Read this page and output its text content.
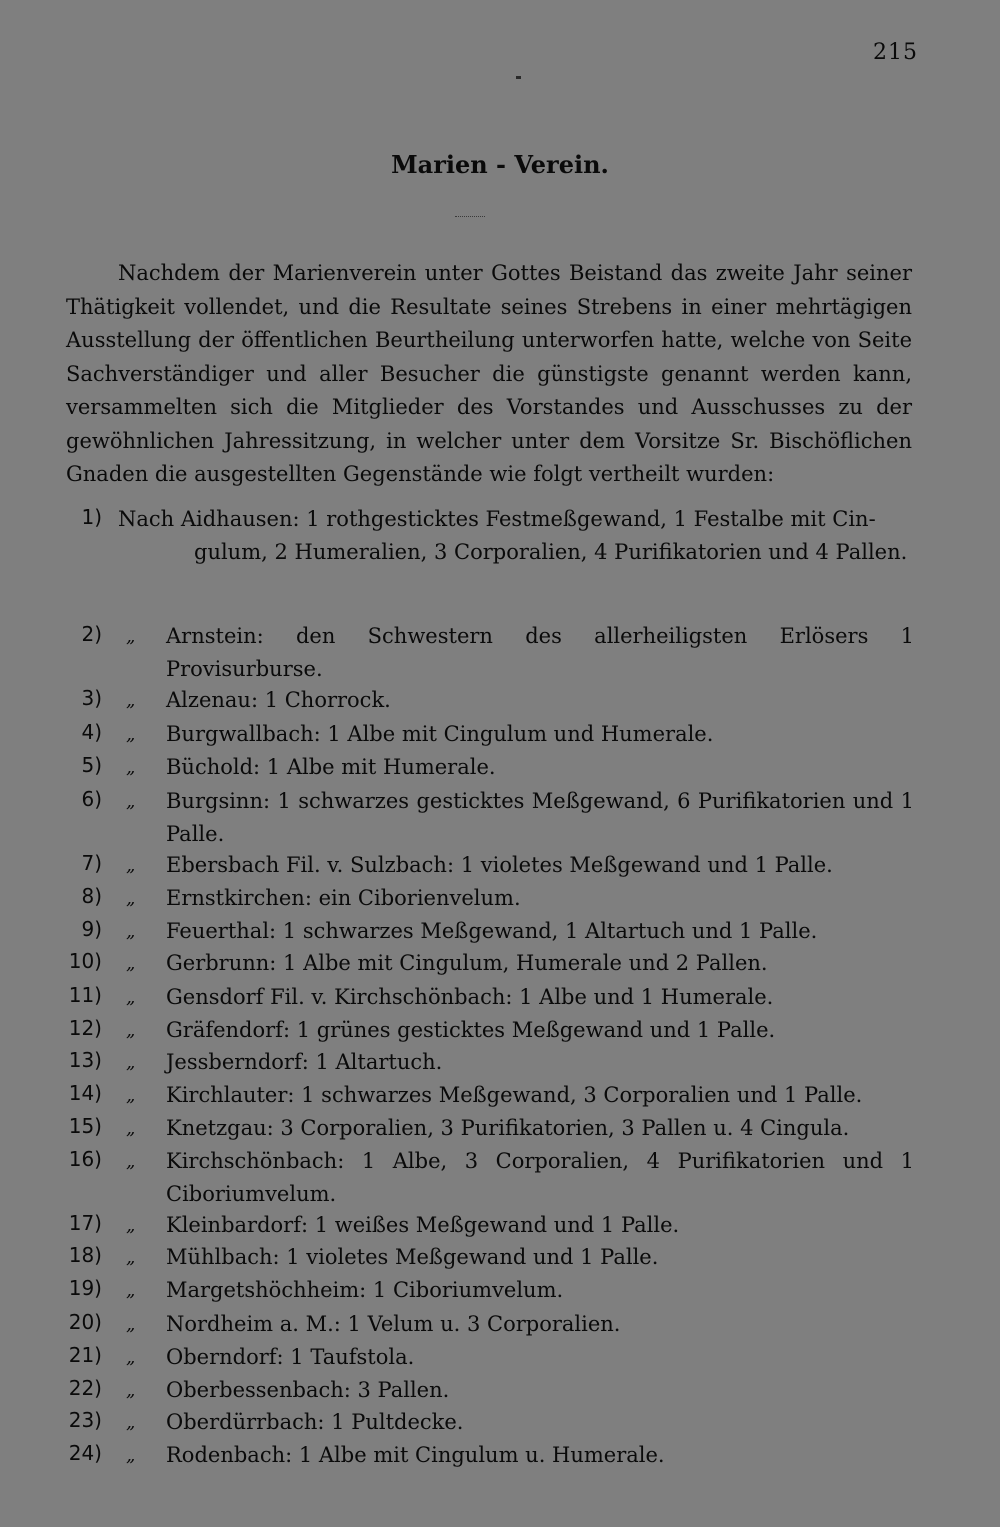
215
Marien - Verein.

Nachdem der Marienverein unter Gottes Beistand das zweite Jahr seiner Thätigkeit vollendet, und die Resultate seines Strebens in einer mehrtägigen Ausstellung der öffentlichen Beurtheilung unterworfen hatte, welche von Seite Sachverständiger und aller Besucher die günstigste genannt werden kann, versammelten sich die Mitglieder des Vorstandes und Ausschusses zu der gewöhnlichen Jahressitzung, in welcher unter dem Vorsitze Sr. Bischöflichen Gnaden die ausgestellten Gegenstände wie folgt vertheilt wurden:

1) Nach Aidhausen: 1 rothgesticktes Festmeßgewand, 1 Festalbe mit Cin-
gulum, 2 Humeralien, 3 Corporalien, 4 Purifikatorien und 4 Pallen.
2) „ Arnstein: den Schwestern des allerheiligsten Erlösers 1 Provisurbursе.
3) „ Alzenau: 1 Chorrock.
4) „ Burgwallbach: 1 Albe mit Cingulum und Humerale.
5) „ Büchold: 1 Albe mit Humerale.
6) „ Burgsinn: 1 schwarzes gesticktes Meßgewand, 6 Purifikatorien und 1 Palle.
7) „ Ebersbach Fil. v. Sulzbach: 1 violetes Meßgewand und 1 Palle.
8) „ Ernstkirchen: ein Ciborienvelum.
9) „ Feuerthal: 1 schwarzes Meßgewand, 1 Altartuch und 1 Palle.
10) „ Gerbrunn: 1 Albe mit Cingulum, Humerale und 2 Pallen.
11) „ Gensdorf Fil. v. Kirchschönbach: 1 Albe und 1 Humerale.
12) „ Gräfendorf: 1 grünes gesticktes Meßgewand und 1 Palle.
13) „ Jessberndorf: 1 Altartuch.
14) „ Kirchlauter: 1 schwarzes Meßgewand, 3 Corporalien und 1 Palle.
15) „ Knetzgau: 3 Corporalien, 3 Purifikatorien, 3 Pallen u. 4 Cingula.
16) „ Kirchschönbach: 1 Albe, 3 Corporalien, 4 Purifikatorien und 1 Ciboriumvelum.
17) „ Kleinbardorf: 1 weißes Meßgewand und 1 Palle.
18) „ Mühlbach: 1 violetes Meßgewand und 1 Palle.
19) „ Margetshöchheim: 1 Ciboriumvelum.
20) „ Nordheim a. M.: 1 Velum u. 3 Corporalien.
21) „ Oberndorf: 1 Taufstola.
22) „ Oberbessenbach: 3 Pallen.
23) „ Oberdürrbach: 1 Pultdecke.
24) „ Rodenbach: 1 Albe mit Cingulum u. Humerale.
